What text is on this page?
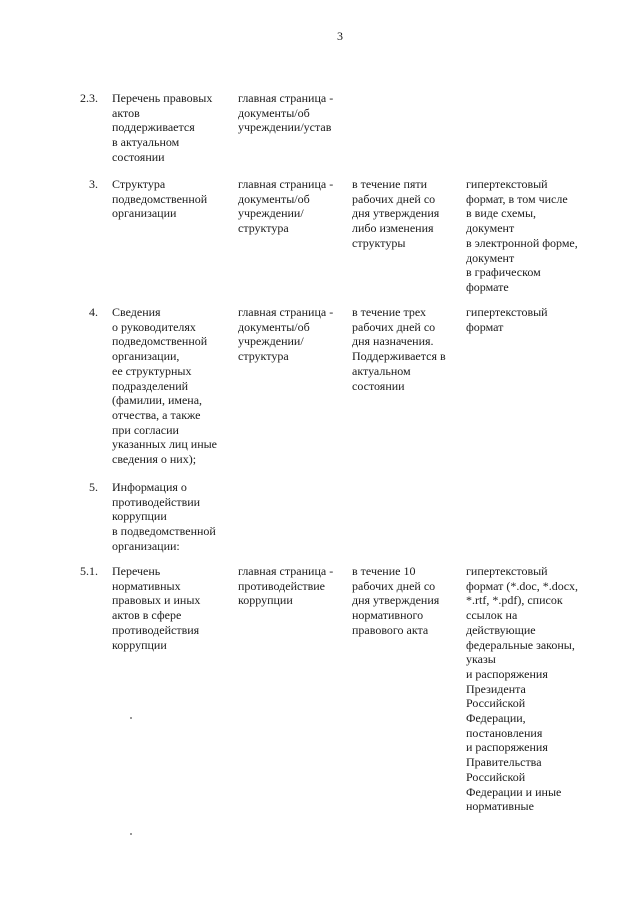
3
2.3. Перечень правовых
актов
поддерживается
в актуальном
состоянии
главная страница -
документы/об
учреждении/устав
3. Структура
подведомственной
организации
главная страница -
документы/об
учреждении/
структура
в течение пяти
рабочих дней со
дня утверждения
либо изменения
структуры
гипертекстовый
формат, в том числе
в виде схемы,
документ
в электронной форме,
документ
в графическом
формате
4. Сведения
о руководителях
подведомственной
организации,
ее структурных
подразделений
(фамилии, имена,
отчества, а также
при согласии
указанных лиц иные
сведения о них);
главная страница -
документы/об
учреждении/
структура
в течение трех
рабочих дней со
дня назначения.
Поддерживается в
актуальном
состоянии
гипертекстовый
формат
5. Информация о
противодействии
коррупции
в подведомственной
организации:
5.1. Перечень
нормативных
правовых и иных
актов в сфере
противодействия
коррупции
главная страница -
противодействие
коррупции
в течение 10
рабочих дней со
дня утверждения
нормативного
правового акта
гипертекстовый
формат (*.doc, *.docx,
*.rtf, *.pdf), список
ссылок на
действующие
федеральные законы,
указы
и распоряжения
Президента
Российской
Федерации,
постановления
и распоряжения
Правительства
Российской
Федерации и иные
нормативные
